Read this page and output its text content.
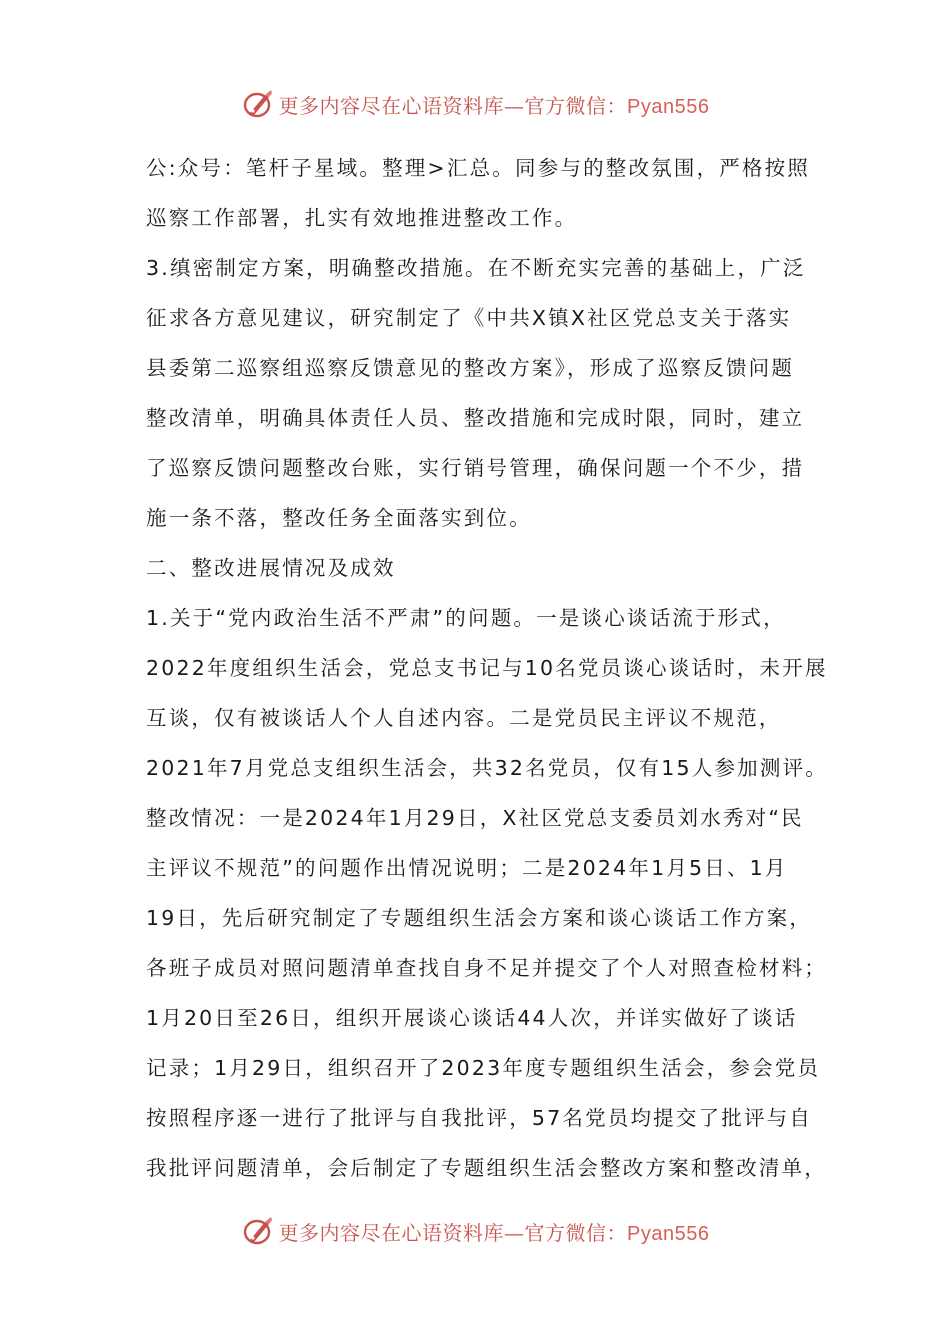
更多内容尽在心语资料库—官方微信：Pyan556
公:众号：笔杆子星域。整理>汇总。同参与的整改氛围，严格按照
巡察工作部署，扎实有效地推进整改工作。
3.缜密制定方案，明确整改措施。在不断充实完善的基础上，广泛
征求各方意见建议，研究制定了《中共X镇X社区党总支关于落实
县委第二巡察组巡察反馈意见的整改方案》，形成了巡察反馈问题
整改清单，明确具体责任人员、整改措施和完成时限，同时，建立
了巡察反馈问题整改台账，实行销号管理，确保问题一个不少，措
施一条不落，整改任务全面落实到位。
二、整改进展情况及成效
1.关于“党内政治生活不严肃”的问题。一是谈心谈话流于形式，
2022年度组织生活会，党总支书记与10名党员谈心谈话时，未开展
互谈，仅有被谈话人个人自述内容。二是党员民主评议不规范，
2021年7月党总支组织生活会，共32名党员，仅有15人参加测评。
整改情况：一是2024年1月29日，X社区党总支委员刘水秀对“民
主评议不规范”的问题作出情况说明；二是2024年1月5日、1月
19日，先后研究制定了专题组织生活会方案和谈心谈话工作方案，
各班子成员对照问题清单查找自身不足并提交了个人对照查检材料；
1月20日至26日，组织开展谈心谈话44人次，并详实做好了谈话
记录；1月29日，组织召开了2023年度专题组织生活会，参会党员
按照程序逐一进行了批评与自我批评，57名党员均提交了批评与自
我批评问题清单，会后制定了专题组织生活会整改方案和整改清单，
更多内容尽在心语资料库—官方微信：Pyan556
